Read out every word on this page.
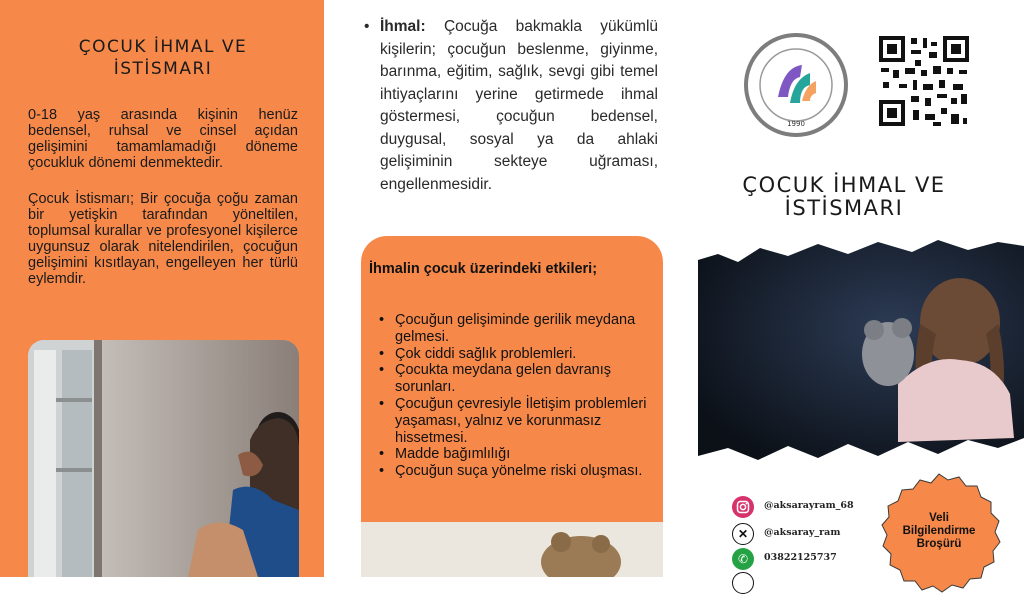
ÇOCUK İHMAL VE
İSTİSMARI

0-18 yaş arasında kişinin henüz bedensel, ruhsal ve cinsel açıdan gelişimini tamamlamadığı döneme çocukluk dönemi denmektedir.

Çocuk İstismarı; Bir çocuğa çoğu zaman bir yetişkin tarafından yöneltilen, toplumsal kurallar ve profesyonel kişilerce uygunsuz olarak nitelendirilen, çocuğun gelişimini kısıtlayan, engelleyen her türlü eylemdir.

• İhmal: Çocuğa bakmakla yükümlü kişilerin; çocuğun beslenme, giyinme, barınma, eğitim, sağlık, sevgi gibi temel ihtiyaçlarını yerine getirmede ihmal göstermesi, çocuğun bedensel, duygusal, sosyal ya da ahlaki gelişiminin sekteye uğraması, engellenmesidir.
İhmalin çocuk üzerindeki etkileri;
• Çocuğun gelişiminde gerilik meydana gelmesi.
• Çok ciddi sağlık problemleri.
• Çocukta meydana gelen davranış sorunları.
• Çocuğun çevresiyle İletişim problemleri yaşaması, yalnız ve korunmasız hissetmesi.
• Madde bağımlılığı
• Çocuğun suça yönelme riski oluşması.
1990
ÇOCUK İHMAL VE
İSTİSMARI
@aksarayram_68
✕	@aksaray_ram
✆	03822125737
Veli
Bilgilendirme
Broşürü
